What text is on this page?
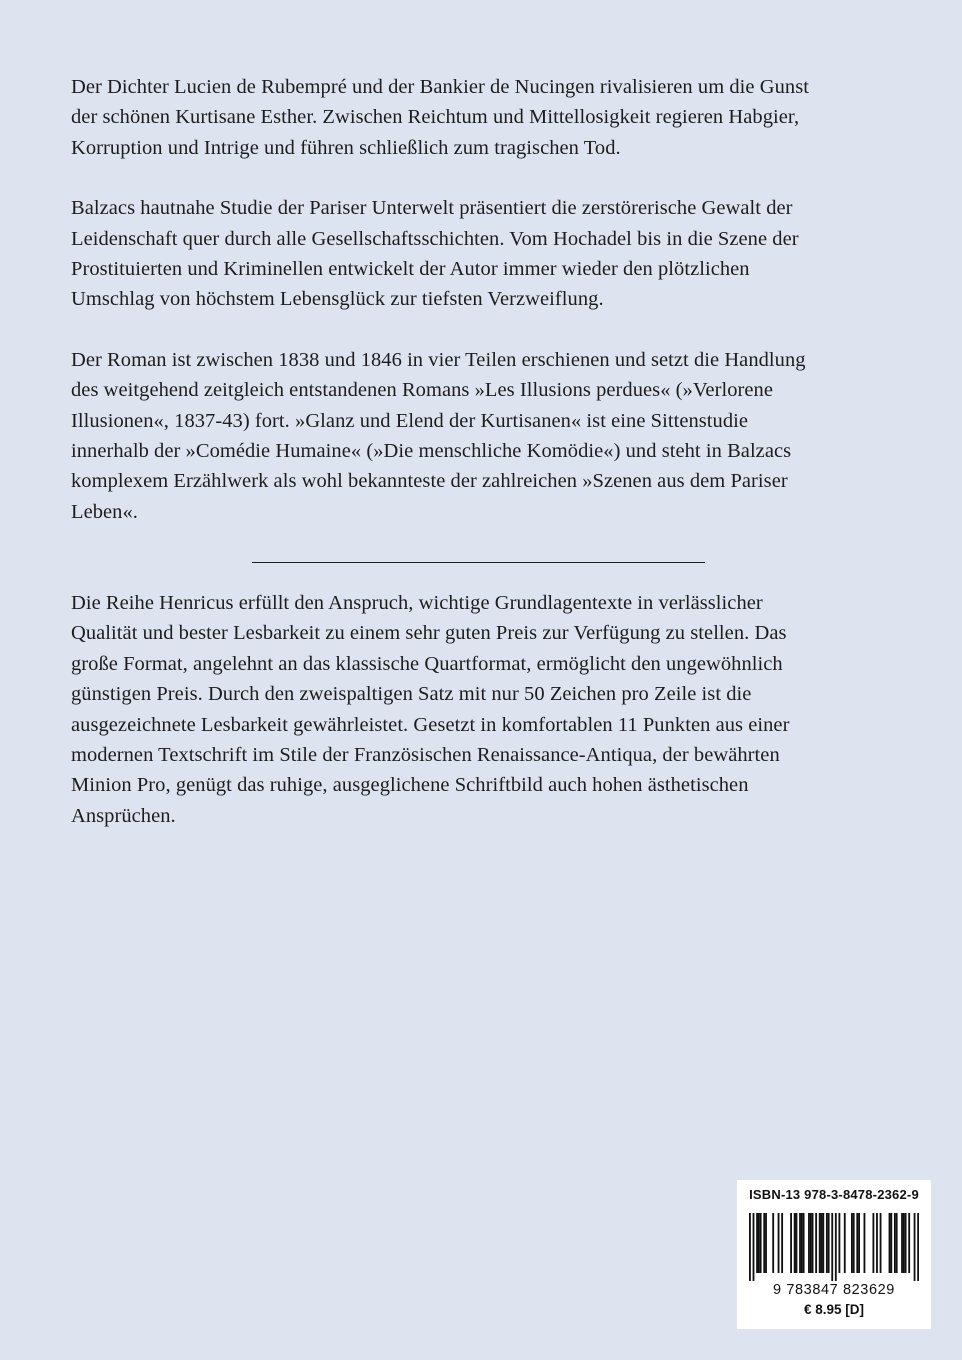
Der Dichter Lucien de Rubempré und der Bankier de Nucingen rivalisieren um die Gunst
der schönen Kurtisane Esther. Zwischen Reichtum und Mittellosigkeit regieren Habgier,
Korruption und Intrige und führen schließlich zum tragischen Tod.

Balzacs hautnahe Studie der Pariser Unterwelt präsentiert die zerstörerische Gewalt der
Leidenschaft quer durch alle Gesellschaftsschichten. Vom Hochadel bis in die Szene der
Prostituierten und Kriminellen entwickelt der Autor immer wieder den plötzlichen
Umschlag von höchstem Lebensglück zur tiefsten Verzweiflung.

Der Roman ist zwischen 1838 und 1846 in vier Teilen erschienen und setzt die Handlung
des weitgehend zeitgleich entstandenen Romans »Les Illusions perdues« (»Verlorene
Illusionen«, 1837-43) fort. »Glanz und Elend der Kurtisanen« ist eine Sittenstudie
innerhalb der »Comédie Humaine« (»Die menschliche Komödie«) und steht in Balzacs
komplexem Erzählwerk als wohl bekannteste der zahlreichen »Szenen aus dem Pariser
Leben«.

Die Reihe Henricus erfüllt den Anspruch, wichtige Grundlagentexte in verlässlicher
Qualität und bester Lesbarkeit zu einem sehr guten Preis zur Verfügung zu stellen. Das
große Format, angelehnt an das klassische Quartformat, ermöglicht den ungewöhnlich
günstigen Preis. Durch den zweispaltigen Satz mit nur 50 Zeichen pro Zeile ist die
ausgezeichnete Lesbarkeit gewährleistet. Gesetzt in komfortablen 11 Punkten aus einer
modernen Textschrift im Stile der Französischen Renaissance-Antiqua, der bewährten
Minion Pro, genügt das ruhige, ausgeglichene Schriftbild auch hohen ästhetischen
Ansprüchen.

ISBN-13 978-3-8478-2362-9
9 783847 823629
€ 8.95 [D]
